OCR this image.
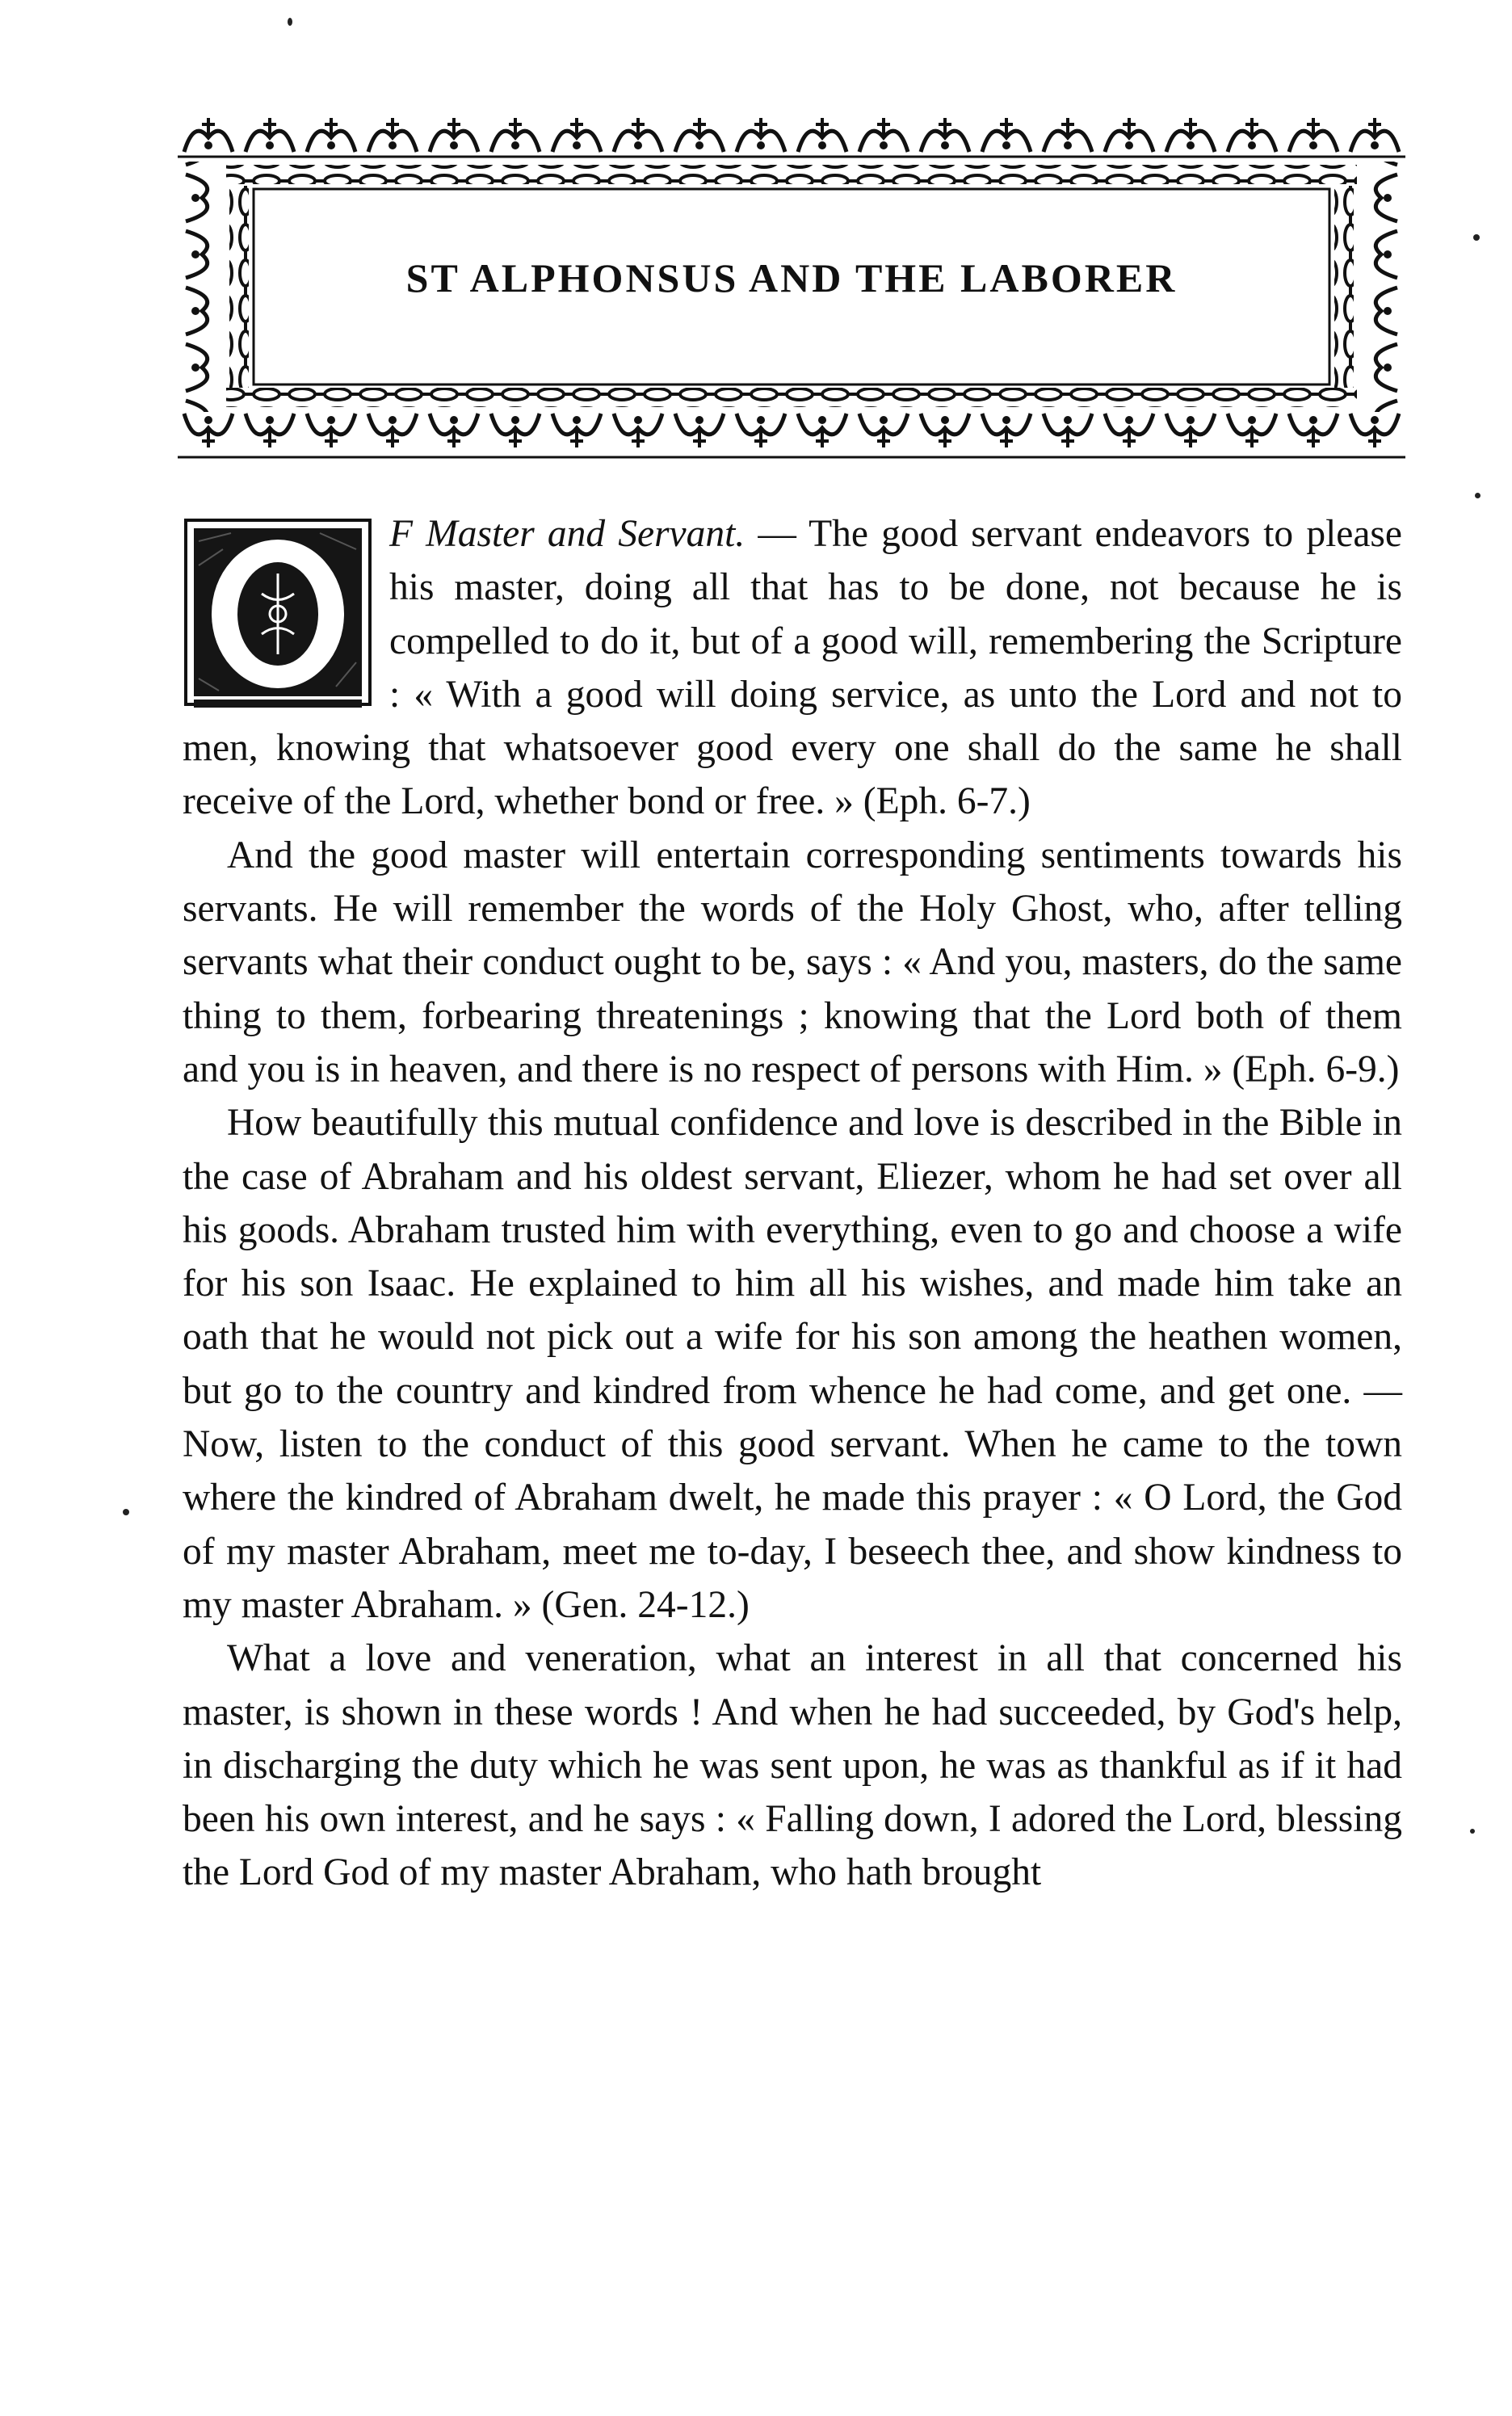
ST ALPHONSUS AND THE LABORER

F Master and Servant. — The good servant endeavors to please his master, doing all that has to be done, not because he is compelled to do it, but of a good will, remembering the Scripture : « With a good will doing service, as unto the Lord and not to men, knowing that whatsoever good every one shall do the same he shall receive of the Lord, whether bond or free. » (Eph. 6-7.)

And the good master will entertain corresponding sentiments towards his servants. He will remember the words of the Holy Ghost, who, after telling servants what their conduct ought to be, says : « And you, masters, do the same thing to them, forbearing threatenings ; knowing that the Lord both of them and you is in heaven, and there is no respect of persons with Him. » (Eph. 6-9.)

How beautifully this mutual confidence and love is described in the Bible in the case of Abraham and his oldest servant, Eliezer, whom he had set over all his goods. Abraham trusted him with everything, even to go and choose a wife for his son Isaac. He explained to him all his wishes, and made him take an oath that he would not pick out a wife for his son among the heathen women, but go to the country and kindred from whence he had come, and get one. — Now, listen to the conduct of this good servant. When he came to the town where the kindred of Abraham dwelt, he made this prayer : « O Lord, the God of my master Abraham, meet me to-day, I beseech thee, and show kindness to my master Abraham. » (Gen. 24-12.)

What a love and veneration, what an interest in all that concerned his master, is shown in these words ! And when he had succeeded, by God's help, in discharging the duty which he was sent upon, he was as thankful as if it had been his own interest, and he says : « Falling down, I adored the Lord, blessing the Lord God of my master Abraham, who hath brought
